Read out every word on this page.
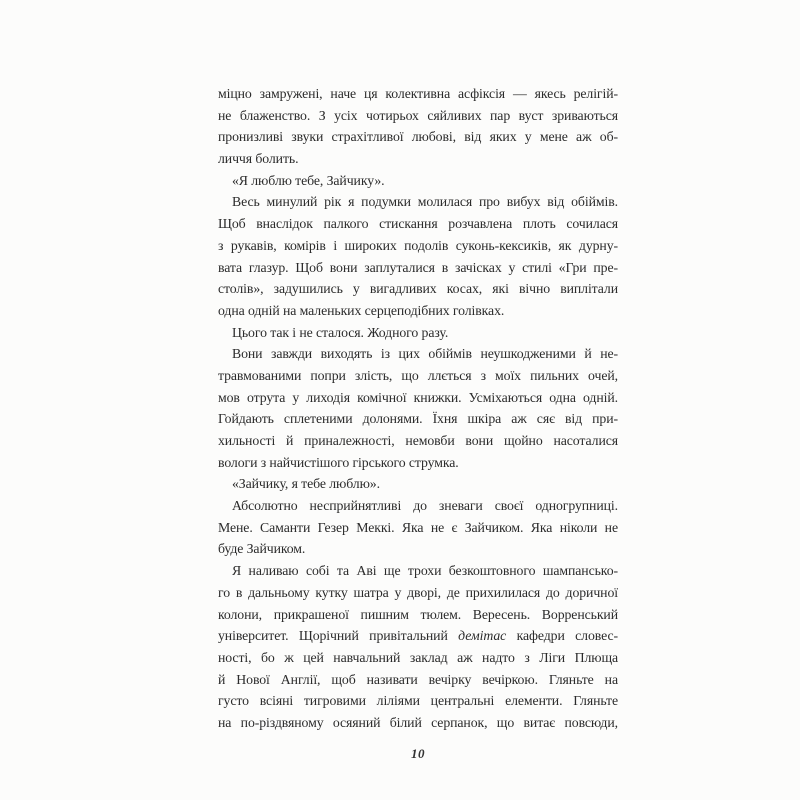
міцно замружені, наче ця колективна асфіксія — якесь релігій-
не блаженство. З усіх чотирьох сяйливих пар вуст зриваються
пронизливі звуки страхітливої любові, від яких у мене аж об-
личчя болить.
«Я люблю тебе, Зайчику».
Весь минулий рік я подумки молилася про вибух від обіймів.
Щоб внаслідок палкого стискання розчавлена плоть сочилася
з рукавів, комірів і широких подолів суконь-кексиків, як дурну-
вата глазур. Щоб вони заплуталися в зачісках у стилі «Гри пре-
столів», задушились у вигадливих косах, які вічно виплітали
одна одній на маленьких серцеподібних голівках.
Цього так і не сталося. Жодного разу.
Вони завжди виходять із цих обіймів неушкодженими й не-
травмованими попри злість, що ллється з моїх пильних очей,
мов отрута у лиходія комічної книжки. Усміхаються одна одній.
Гойдають сплетеними долонями. Їхня шкіра аж сяє від при-
хильності й приналежності, немовби вони щойно насоталися
вологи з найчистішого гірського струмка.
«Зайчику, я тебе люблю».
Абсолютно несприйнятливі до зневаги своєї одногрупниці.
Мене. Саманти Гезер Меккі. Яка не є Зайчиком. Яка ніколи не
буде Зайчиком.
Я наливаю собі та Аві ще трохи безкоштовного шампансько-
го в дальньому кутку шатра у дворі, де прихилилася до доричної
колони, прикрашеної пишним тюлем. Вересень. Ворренський
університет. Щорічний привітальний демітас кафедри словес-
ності, бо ж цей навчальний заклад аж надто з Ліги Плюща
й Нової Англії, щоб називати вечірку вечіркою. Гляньте на
густо всіяні тигровими ліліями центральні елементи. Гляньте
на по-різдвяному осяяний білий серпанок, що витає повсюди,
10
